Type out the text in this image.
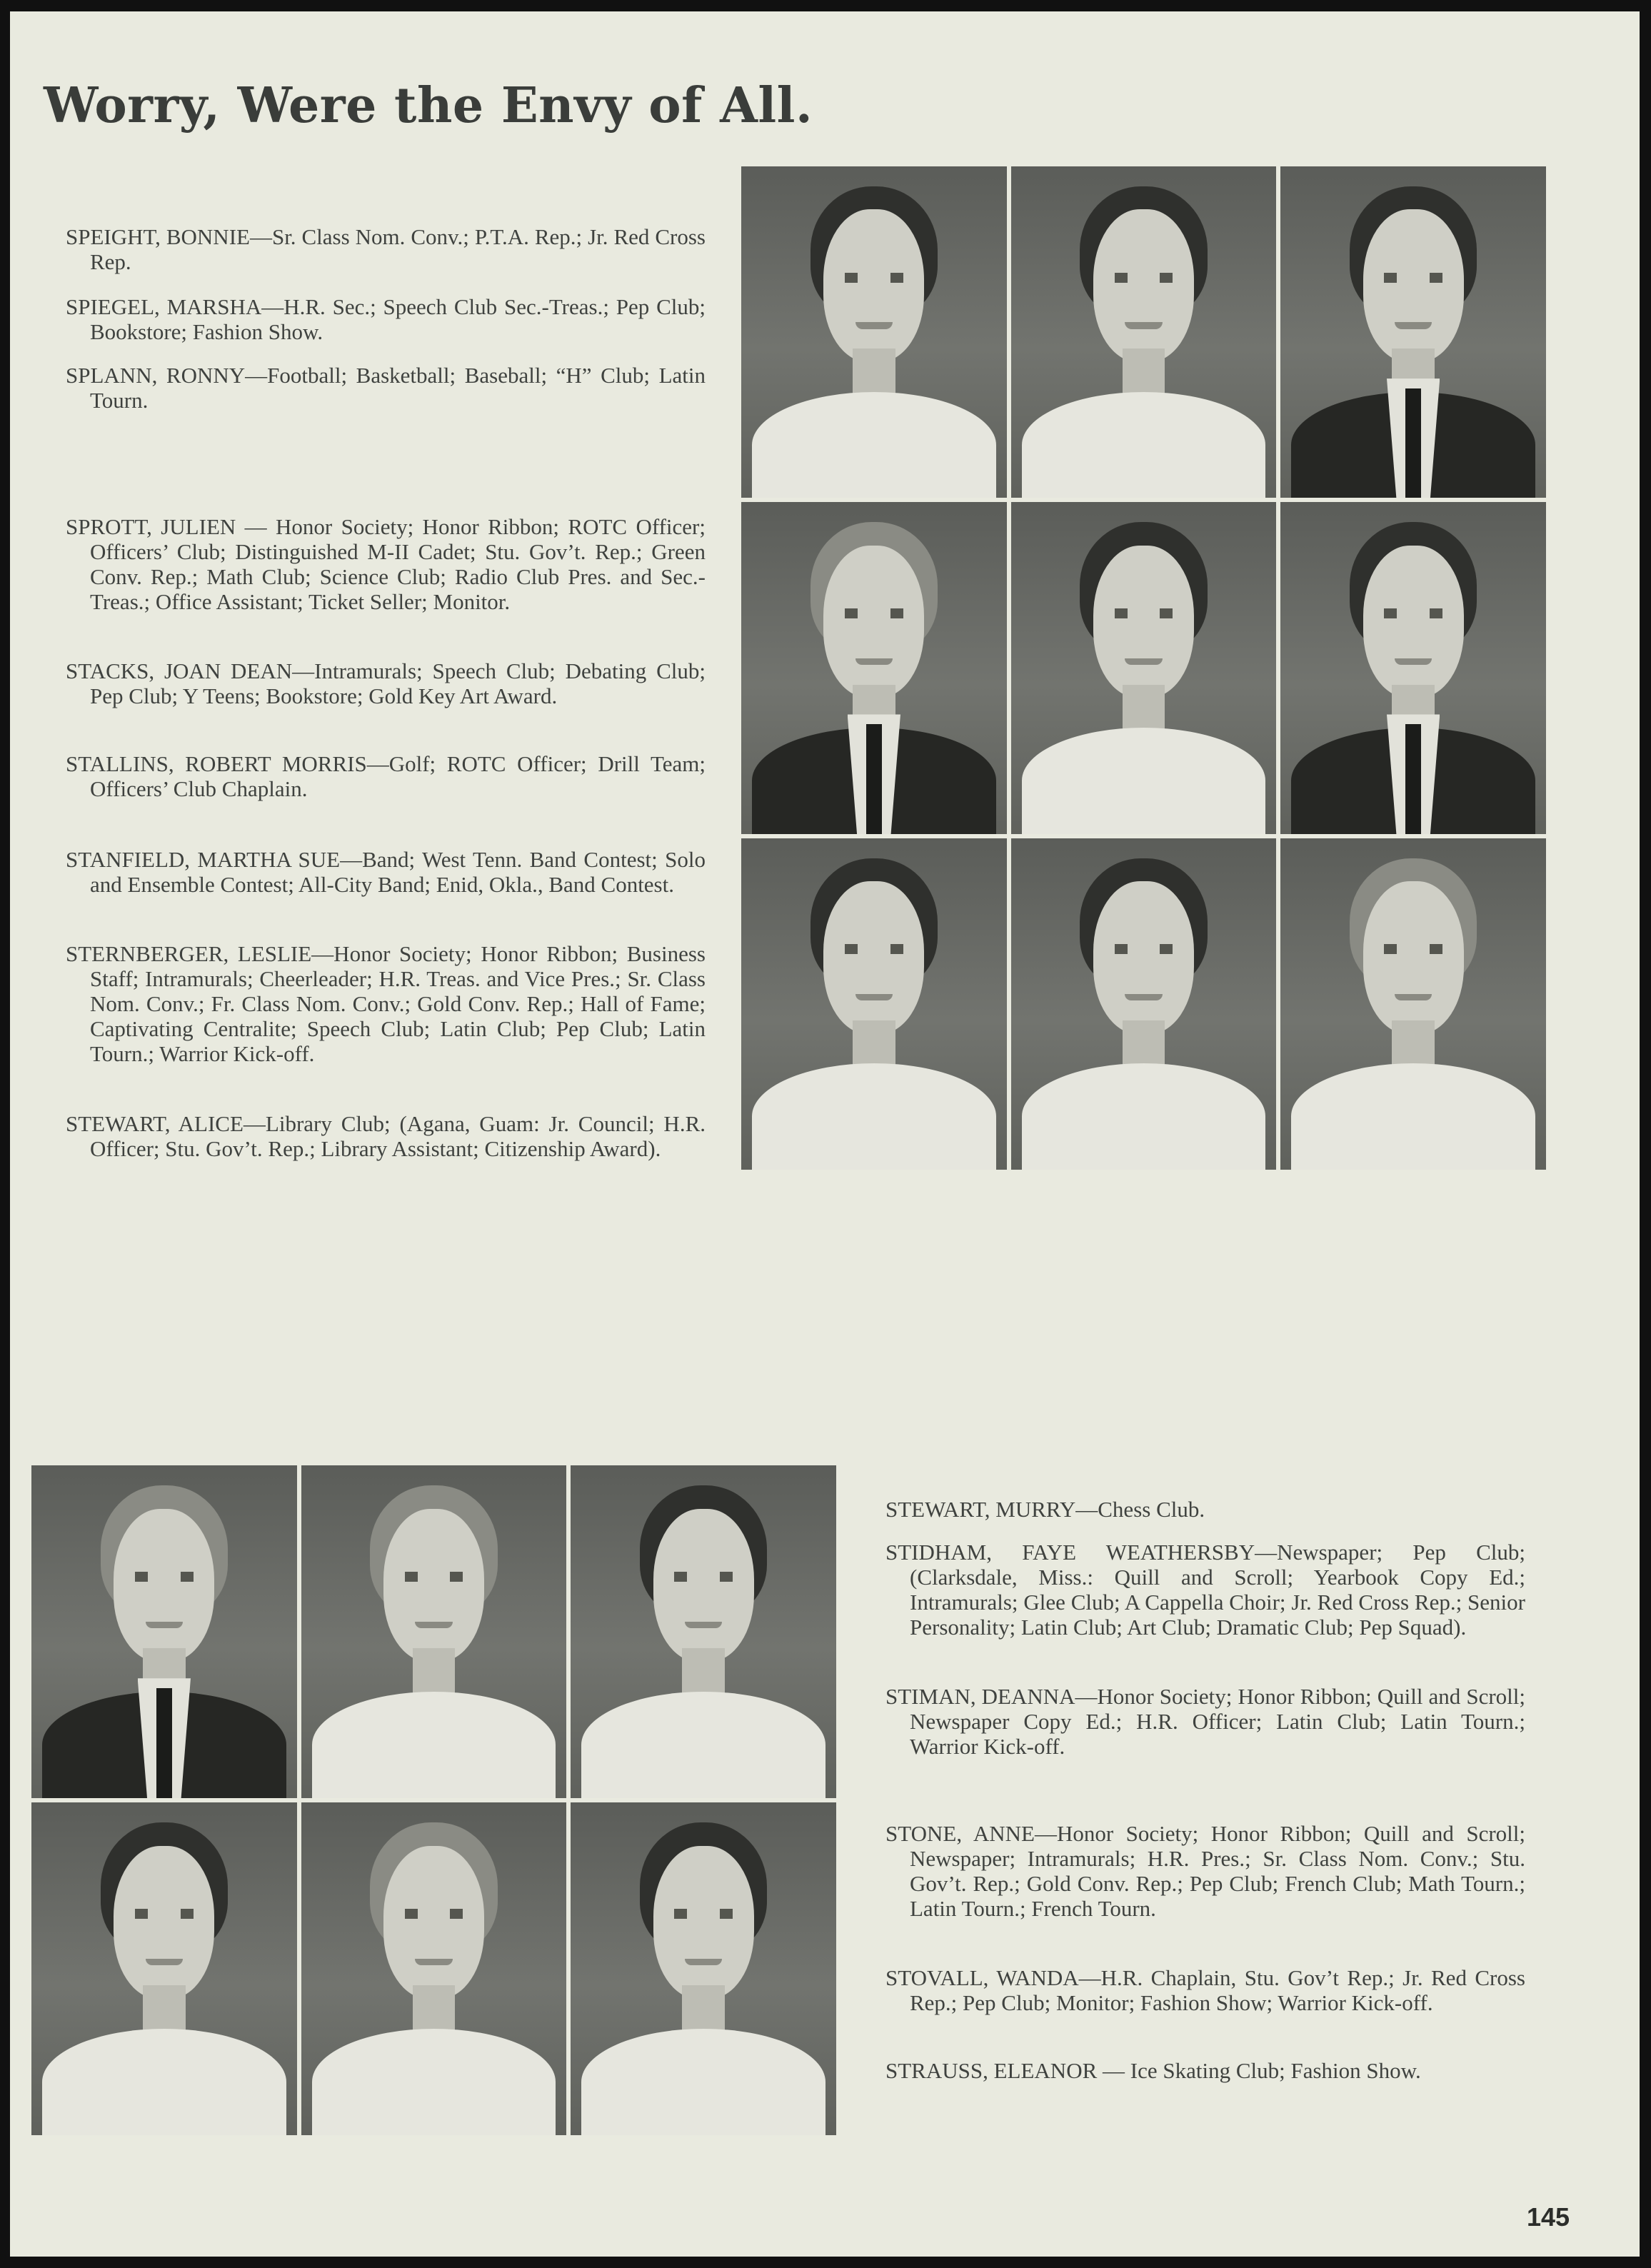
Worry, Were the Envy of All.

SPEIGHT, BONNIE—Sr. Class Nom. Conv.; P.T.A. Rep.; Jr. Red Cross Rep.

SPIEGEL, MARSHA—H.R. Sec.; Speech Club Sec.-Treas.; Pep Club; Bookstore; Fashion Show.

SPLANN, RONNY—Football; Basketball; Baseball; “H” Club; Latin Tourn.

SPROTT, JULIEN — Honor Society; Honor Ribbon; ROTC Officer; Officers’ Club; Distinguished M-II Cadet; Stu. Gov’t. Rep.; Green Conv. Rep.; Math Club; Science Club; Radio Club Pres. and Sec.-Treas.; Office Assistant; Ticket Seller; Monitor.

STACKS, JOAN DEAN—Intramurals; Speech Club; Debating Club; Pep Club; Y Teens; Bookstore; Gold Key Art Award.

STALLINS, ROBERT MORRIS—Golf; ROTC Officer; Drill Team; Officers’ Club Chaplain.

STANFIELD, MARTHA SUE—Band; West Tenn. Band Contest; Solo and Ensemble Contest; All-City Band; Enid, Okla., Band Contest.

STERNBERGER, LESLIE—Honor Society; Honor Ribbon; Business Staff; Intramurals; Cheerleader; H.R. Treas. and Vice Pres.; Sr. Class Nom. Conv.; Fr. Class Nom. Conv.; Gold Conv. Rep.; Hall of Fame; Captivating Centralite; Speech Club; Latin Club; Pep Club; Latin Tourn.; Warrior Kick-off.

STEWART, ALICE—Library Club; (Agana, Guam: Jr. Council; H.R. Officer; Stu. Gov’t. Rep.; Library Assistant; Citizenship Award).

STEWART, MURRY—Chess Club.

STIDHAM, FAYE WEATHERSBY—Newspaper; Pep Club; (Clarksdale, Miss.: Quill and Scroll; Yearbook Copy Ed.; Intramurals; Glee Club; A Cappella Choir; Jr. Red Cross Rep.; Senior Personality; Latin Club; Art Club; Dramatic Club; Pep Squad).

STIMAN, DEANNA—Honor Society; Honor Ribbon; Quill and Scroll; Newspaper Copy Ed.; H.R. Officer; Latin Club; Latin Tourn.; Warrior Kick-off.

STONE, ANNE—Honor Society; Honor Ribbon; Quill and Scroll; Newspaper; Intramurals; H.R. Pres.; Sr. Class Nom. Conv.; Stu. Gov’t. Rep.; Gold Conv. Rep.; Pep Club; French Club; Math Tourn.; Latin Tourn.; French Tourn.

STOVALL, WANDA—H.R. Chaplain, Stu. Gov’t Rep.; Jr. Red Cross Rep.; Pep Club; Monitor; Fashion Show; Warrior Kick-off.

STRAUSS, ELEANOR — Ice Skating Club; Fashion Show.

145
